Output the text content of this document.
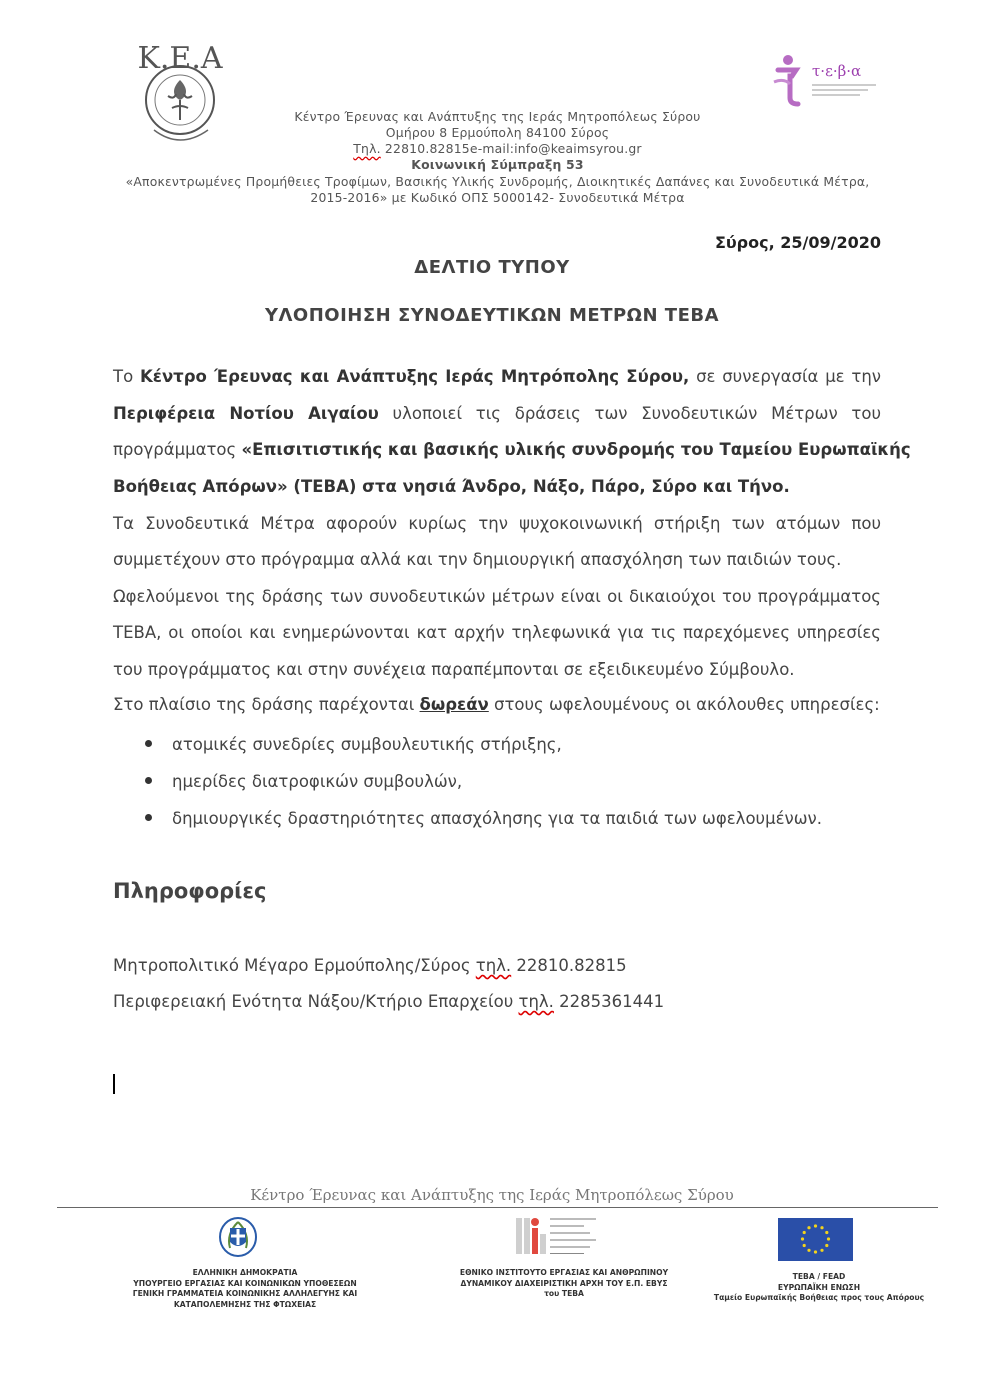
Κ.Ε.Α	τ·ε·β·α
Κέντρο Έρευνας και Ανάπτυξης της Ιεράς Μητροπόλεως Σύρου
Ομήρου 8 Ερμούπολη 84100 Σύρος
Τηλ. 22810.82815e-mail:info@keaimsyrou.gr
Κοινωνική Σύμπραξη 53
«Αποκεντρωμένες Προμήθειες Τροφίμων, Βασικής Υλικής Συνδρομής, Διοικητικές Δαπάνες και Συνοδευτικά Μέτρα,
2015-2016» με Κωδικό ΟΠΣ 5000142- Συνοδευτικά Μέτρα
Σύρος, 25/09/2020
ΔΕΛΤΙΟ ΤΥΠΟΥ
ΥΛΟΠΟΙΗΣΗ ΣΥΝΟΔΕΥΤΙΚΩΝ ΜΕΤΡΩΝ ΤΕΒΑ
Το Κέντρο Έρευνας και Ανάπτυξης Ιεράς Μητρόπολης Σύρου, σε συνεργασία με την
Περιφέρεια Νοτίου Αιγαίου υλοποιεί τις δράσεις των Συνοδευτικών Μέτρων του
προγράμματος «Επισιτιστικής και βασικής υλικής συνδρομής του Ταμείου Ευρωπαϊκής
Βοήθειας Απόρων» (ΤΕΒΑ) στα νησιά Άνδρο, Νάξο, Πάρο, Σύρο και Τήνο.
Τα Συνοδευτικά Μέτρα αφορούν κυρίως την ψυχοκοινωνική στήριξη των ατόμων που
συμμετέχουν στο πρόγραμμα αλλά και την δημιουργική απασχόληση των παιδιών τους.
Ωφελούμενοι της δράσης των συνοδευτικών μέτρων είναι οι δικαιούχοι του προγράμματος
ΤΕΒΑ, οι οποίοι και ενημερώνονται κατ αρχήν τηλεφωνικά για τις παρεχόμενες υπηρεσίες
του προγράμματος και στην συνέχεια παραπέμπονται σε εξειδικευμένο Σύμβουλο.
Στο πλαίσιο της δράσης παρέχονται δωρεάν στους ωφελουμένους οι ακόλουθες υπηρεσίες:
ατομικές συνεδρίες συμβουλευτικής στήριξης,
ημερίδες διατροφικών συμβουλών,
δημιουργικές δραστηριότητες απασχόλησης για τα παιδιά των ωφελουμένων.
Πληροφορίες
Μητροπολιτικό Μέγαρο Ερμούπολης/Σύρος τηλ. 22810.82815
Περιφερειακή Ενότητα Νάξου/Κτήριο Επαρχείου τηλ. 2285361441
Κέντρο Έρευνας και Ανάπτυξης της Ιεράς Μητροπόλεως Σύρου
ΕΛΛΗΝΙΚΗ ΔΗΜΟΚΡΑΤΙΑ
ΥΠΟΥΡΓΕΙΟ ΕΡΓΑΣΙΑΣ ΚΑΙ ΚΟΙΝΩΝΙΚΩΝ ΥΠΟΘΕΣΕΩΝ
ΓΕΝΙΚΗ ΓΡΑΜΜΑΤΕΙΑ ΚΟΙΝΩΝΙΚΗΣ ΑΛΛΗΛΕΓΥΗΣ ΚΑΙ
ΚΑΤΑΠΟΛΕΜΗΣΗΣ ΤΗΣ ΦΤΩΧΕΙΑΣ
ΕΘΝΙΚΟ ΙΝΣΤΙΤΟΥΤΟ ΕΡΓΑΣΙΑΣ ΚΑΙ ΑΝΘΡΩΠΙΝΟΥ
ΔΥΝΑΜΙΚΟΥ ΔΙΑΧΕΙΡΙΣΤΙΚΗ ΑΡΧΗ ΤΟΥ Ε.Π. ΕΒΥΣ
του ΤΕΒΑ
ΤΕΒΑ / FEAD
ΕΥΡΩΠΑΪΚΗ ΕΝΩΣΗ
Ταμείο Ευρωπαϊκής Βοήθειας προς τους Απόρους
